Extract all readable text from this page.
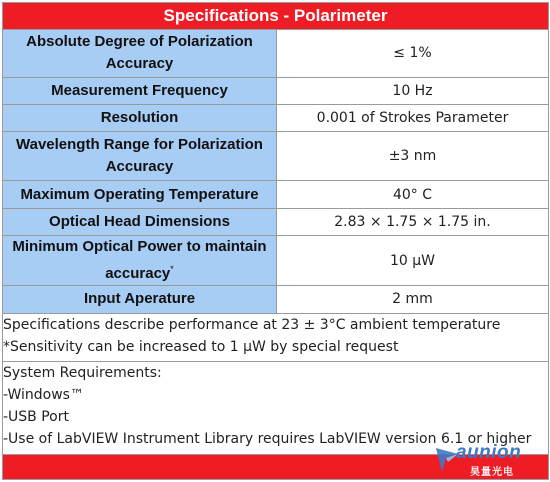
Specifications - Polarimeter	
Absolute Degree of Polarization Accuracy	≤ 1%
Measurement Frequency	10 Hz
Resolution	0.001 of Strokes Parameter
Wavelength Range for Polarization Accuracy	±3 nm
Maximum Operating Temperature	40° C
Optical Head Dimensions	2.83 × 1.75 × 1.75 in.
Minimum Optical Power to maintain accuracy*	10 µW
Input Aperature	2 mm

Specifications describe performance at 23 ± 3°C ambient temperature
*Sensitivity can be increased to 1 µW by special request	

System Requirements:
-Windows™
-USB Port
-Use of LabVIEW Instrument Library requires LabVIEW version 6.1 or higher	

aunion
昊量光电
